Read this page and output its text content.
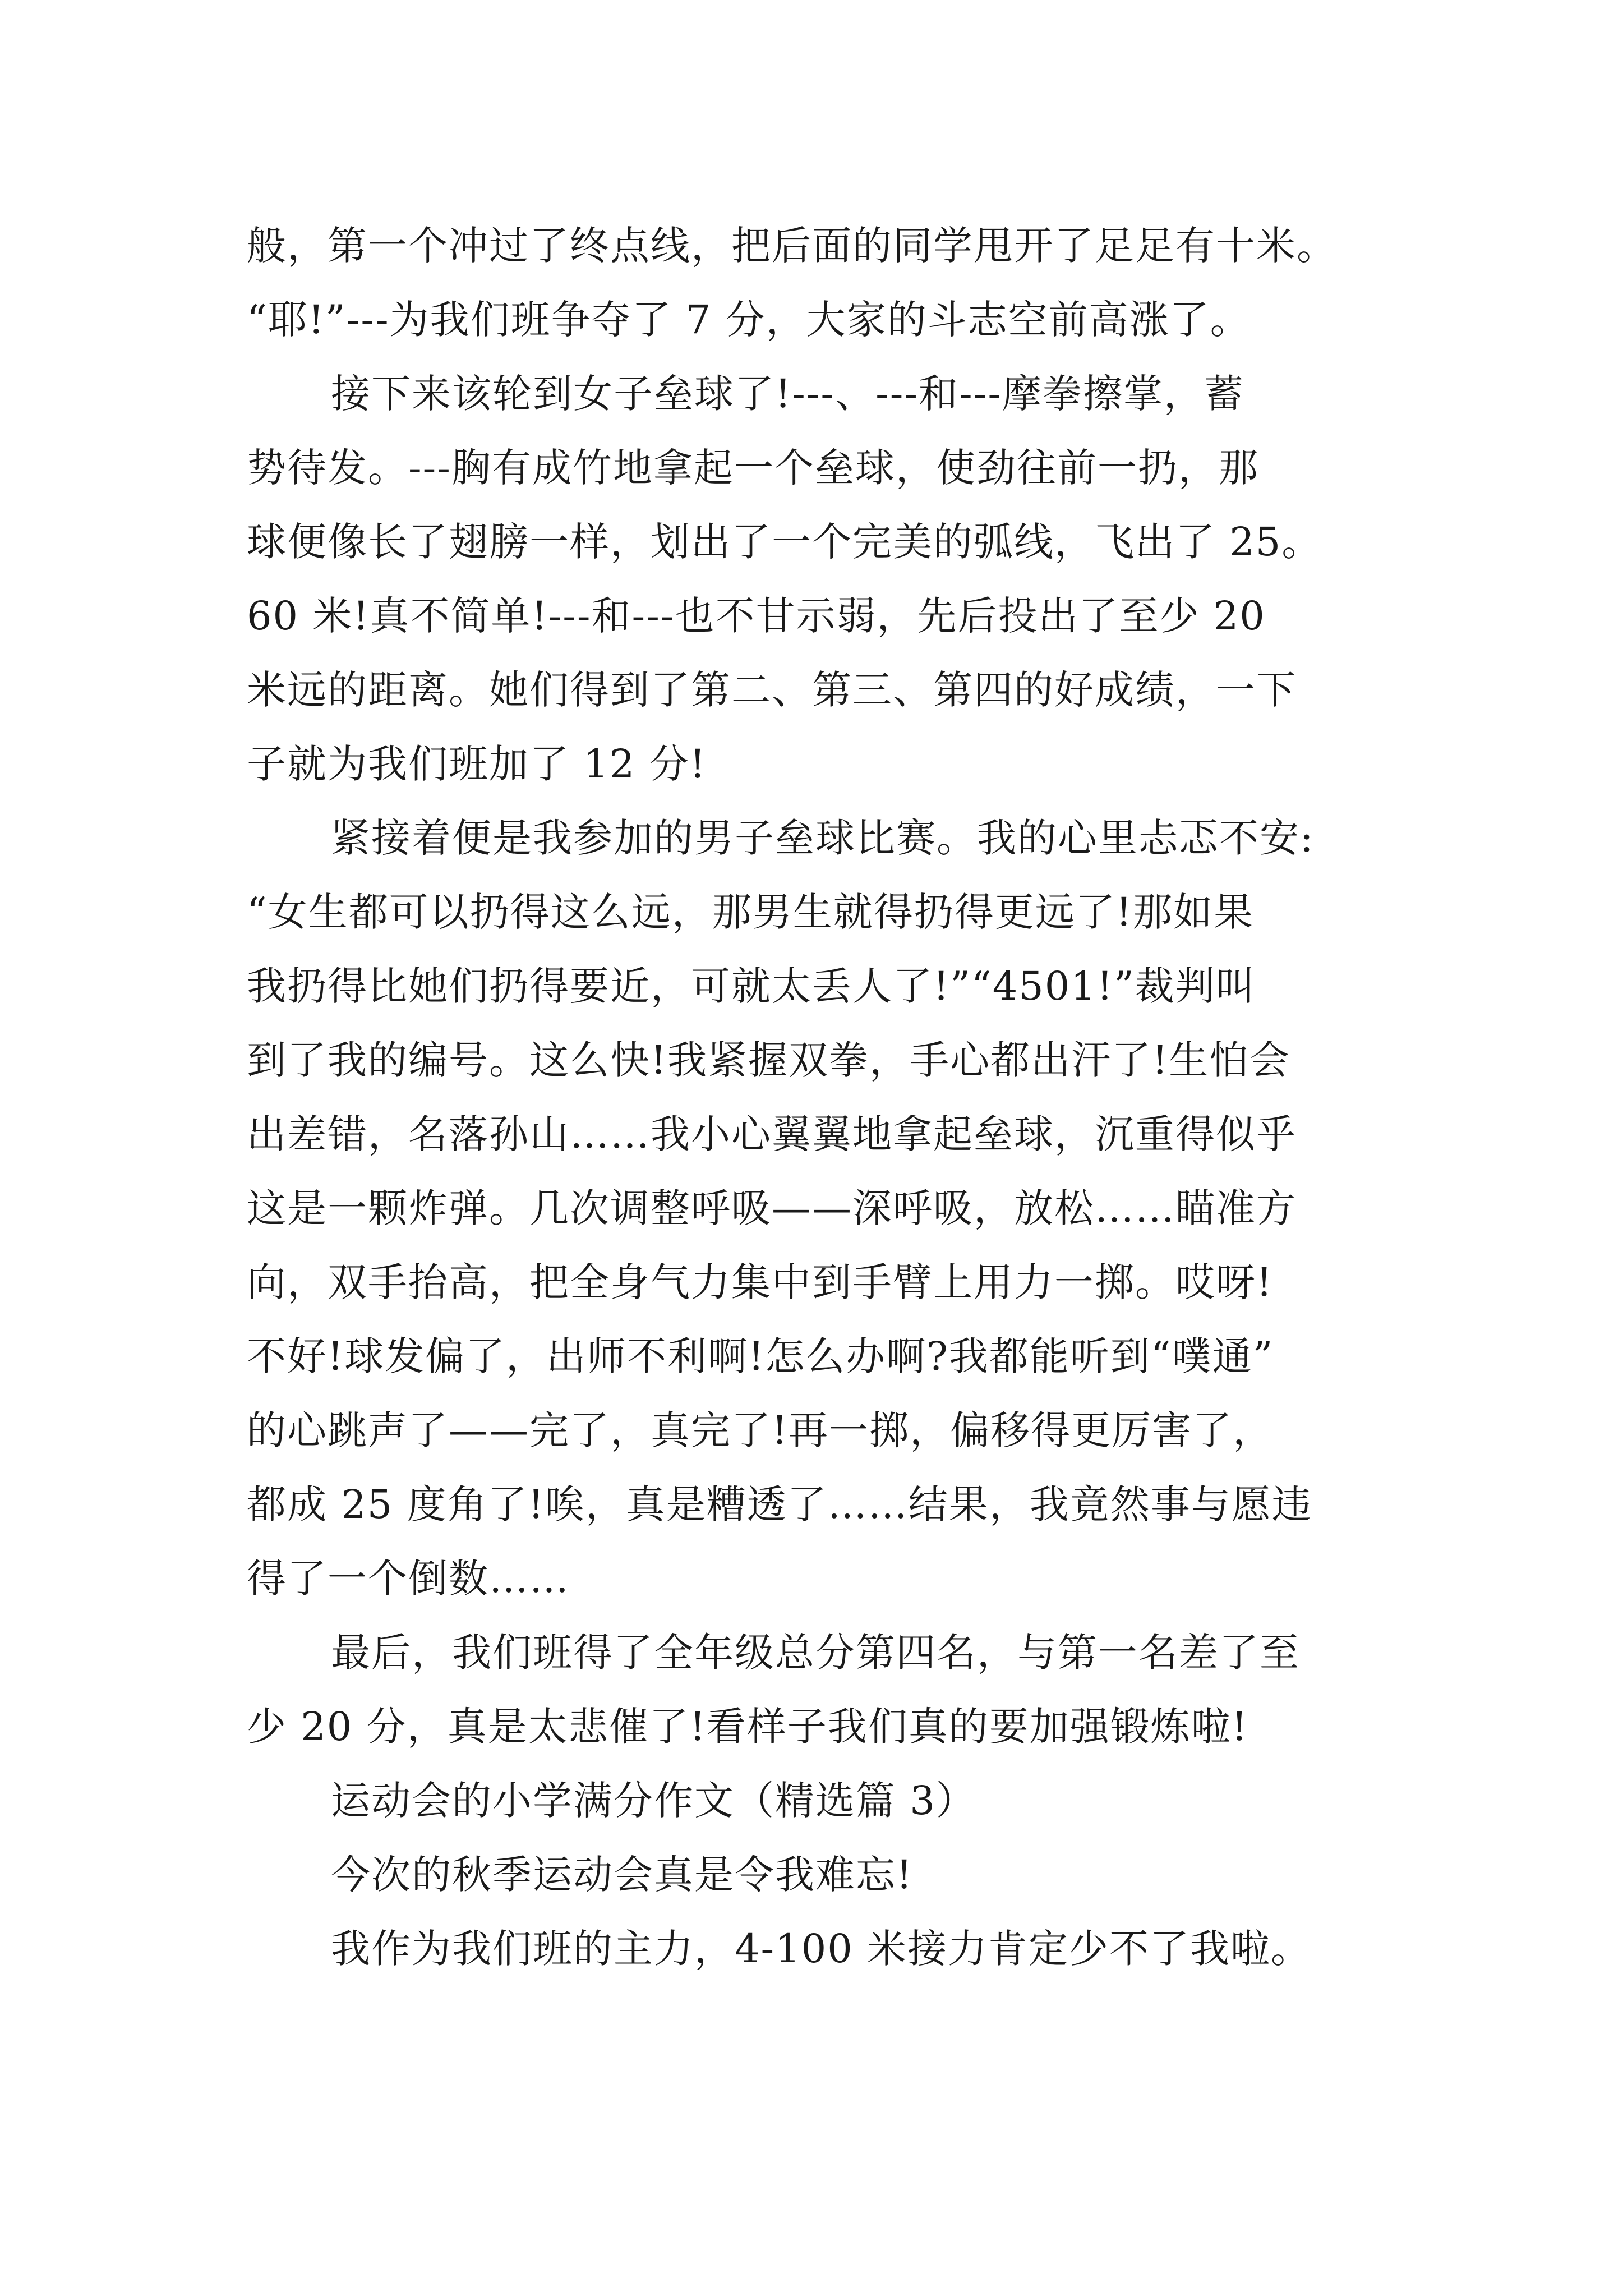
般，第一个冲过了终点线，把后面的同学甩开了足足有十米。
“耶!”---为我们班争夺了 7 分，大家的斗志空前高涨了。
接下来该轮到女子垒球了!---、---和---摩拳擦掌，蓄
势待发。---胸有成竹地拿起一个垒球，使劲往前一扔，那
球便像长了翅膀一样，划出了一个完美的弧线，飞出了 25。
60 米!真不简单!---和---也不甘示弱，先后投出了至少 20
米远的距离。她们得到了第二、第三、第四的好成绩，一下
子就为我们班加了 12 分!
紧接着便是我参加的男子垒球比赛。我的心里忐忑不安:
“女生都可以扔得这么远，那男生就得扔得更远了!那如果
我扔得比她们扔得要近，可就太丢人了!”“4501!”裁判叫
到了我的编号。这么快!我紧握双拳，手心都出汗了!生怕会
出差错，名落孙山……我小心翼翼地拿起垒球，沉重得似乎
这是一颗炸弹。几次调整呼吸——深呼吸，放松……瞄准方
向，双手抬高，把全身气力集中到手臂上用力一掷。哎呀!
不好!球发偏了，出师不利啊!怎么办啊?我都能听到“噗通”
的心跳声了——完了，真完了!再一掷，偏移得更厉害了，
都成 25 度角了!唉，真是糟透了……结果，我竟然事与愿违
得了一个倒数……
最后，我们班得了全年级总分第四名，与第一名差了至
少 20 分，真是太悲催了!看样子我们真的要加强锻炼啦!
运动会的小学满分作文（精选篇 3）
今次的秋季运动会真是令我难忘!
我作为我们班的主力，4-100 米接力肯定少不了我啦。
